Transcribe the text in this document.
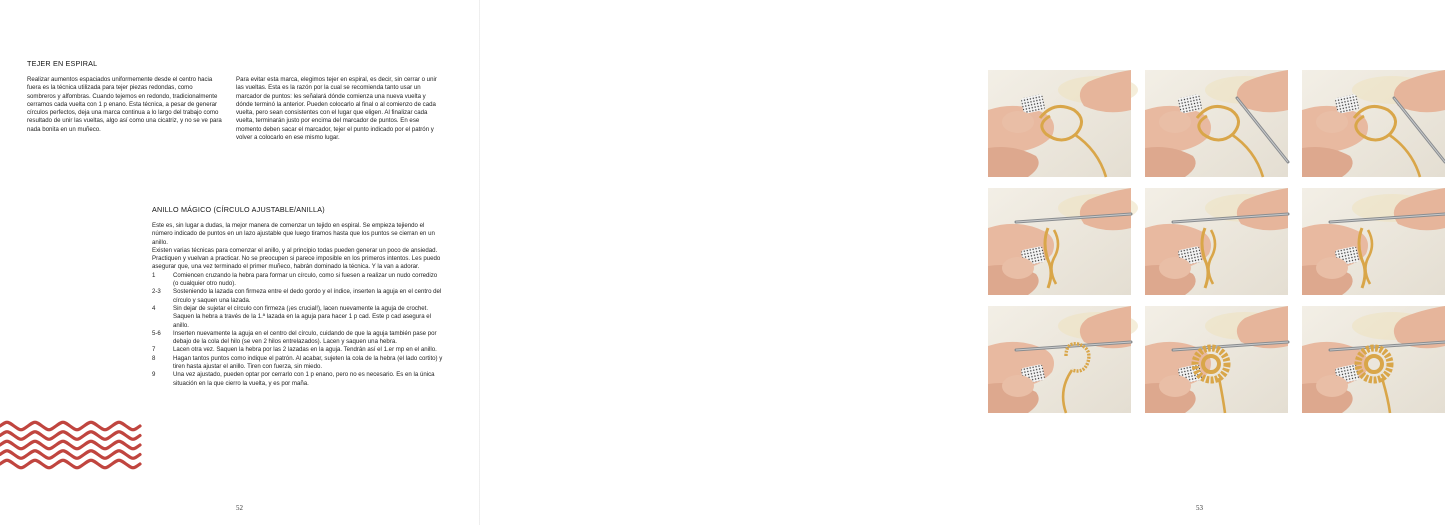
TEJER EN ESPIRAL

Realizar aumentos espaciados uniformemente desde el centro hacia fuera es la técnica utilizada para tejer piezas redondas, como sombreros y alfombras. Cuando tejemos en redondo, tradicionalmente cerramos cada vuelta con 1 p enano. Esta técnica, a pesar de generar círculos perfectos, deja una marca continua a lo largo del trabajo como resultado de unir las vueltas, algo así como una cicatriz, y no se ve para nada bonita en un muñeco.

Para evitar esta marca, elegimos tejer en espiral, es decir, sin cerrar o unir las vueltas. Esta es la razón por la cual se recomienda tanto usar un marcador de puntos: les señalará dónde comienza una nueva vuelta y dónde terminó la anterior. Pueden colocarlo al final o al comienzo de cada vuelta, pero sean consistentes con el lugar que eligen. Al finalizar cada vuelta, terminarán justo por encima del marcador de puntos. En ese momento deben sacar el marcador, tejer el punto indicado por el patrón y volver a colocarlo en ese mismo lugar.

ANILLO MÁGICO (CÍRCULO AJUSTABLE/ANILLA)

Este es, sin lugar a dudas, la mejor manera de comenzar un tejido en espiral. Se empieza tejiendo el número indicado de puntos en un lazo ajustable que luego tiramos hasta que los puntos se cierran en un anillo.

Existen varias técnicas para comenzar el anillo, y al principio todas pueden generar un poco de ansiedad. Practiquen y vuelvan a practicar. No se preocupen si parece imposible en los primeros intentos. Les puedo asegurar que, una vez terminado el primer muñeco, habrán dominado la técnica. Y la van a adorar.

1	Comiencen cruzando la hebra para formar un círculo, como si fuesen a realizar un nudo corredizo (o cualquier otro nudo).
2-3	Sosteniendo la lazada con firmeza entre el dedo gordo y el índice, inserten la aguja en el centro del círculo y saquen una lazada.
4	Sin dejar de sujetar el círculo con firmeza (¡es crucial!), lacen nuevamente la aguja de crochet. Saquen la hebra a través de la 1.ª lazada en la aguja para hacer 1 p cad. Este p cad asegura el anillo.
5-6	Inserten nuevamente la aguja en el centro del círculo, cuidando de que la aguja también pase por debajo de la cola del hilo (se ven 2 hilos entrelazados). Lacen y saquen una hebra.
7	Lacen otra vez. Saquen la hebra por las 2 lazadas en la aguja. Tendrán así el 1.er mp en el anillo.
8	Hagan tantos puntos como indique el patrón. Al acabar, sujeten la cola de la hebra (el lado cortito) y tiren hasta ajustar el anillo. Tiren con fuerza, sin miedo.
9	Una vez ajustado, pueden optar por cerrarlo con 1 p enano, pero no es necesario. Es en la única situación en la que cierro la vuelta, y es por maña.
52	53
